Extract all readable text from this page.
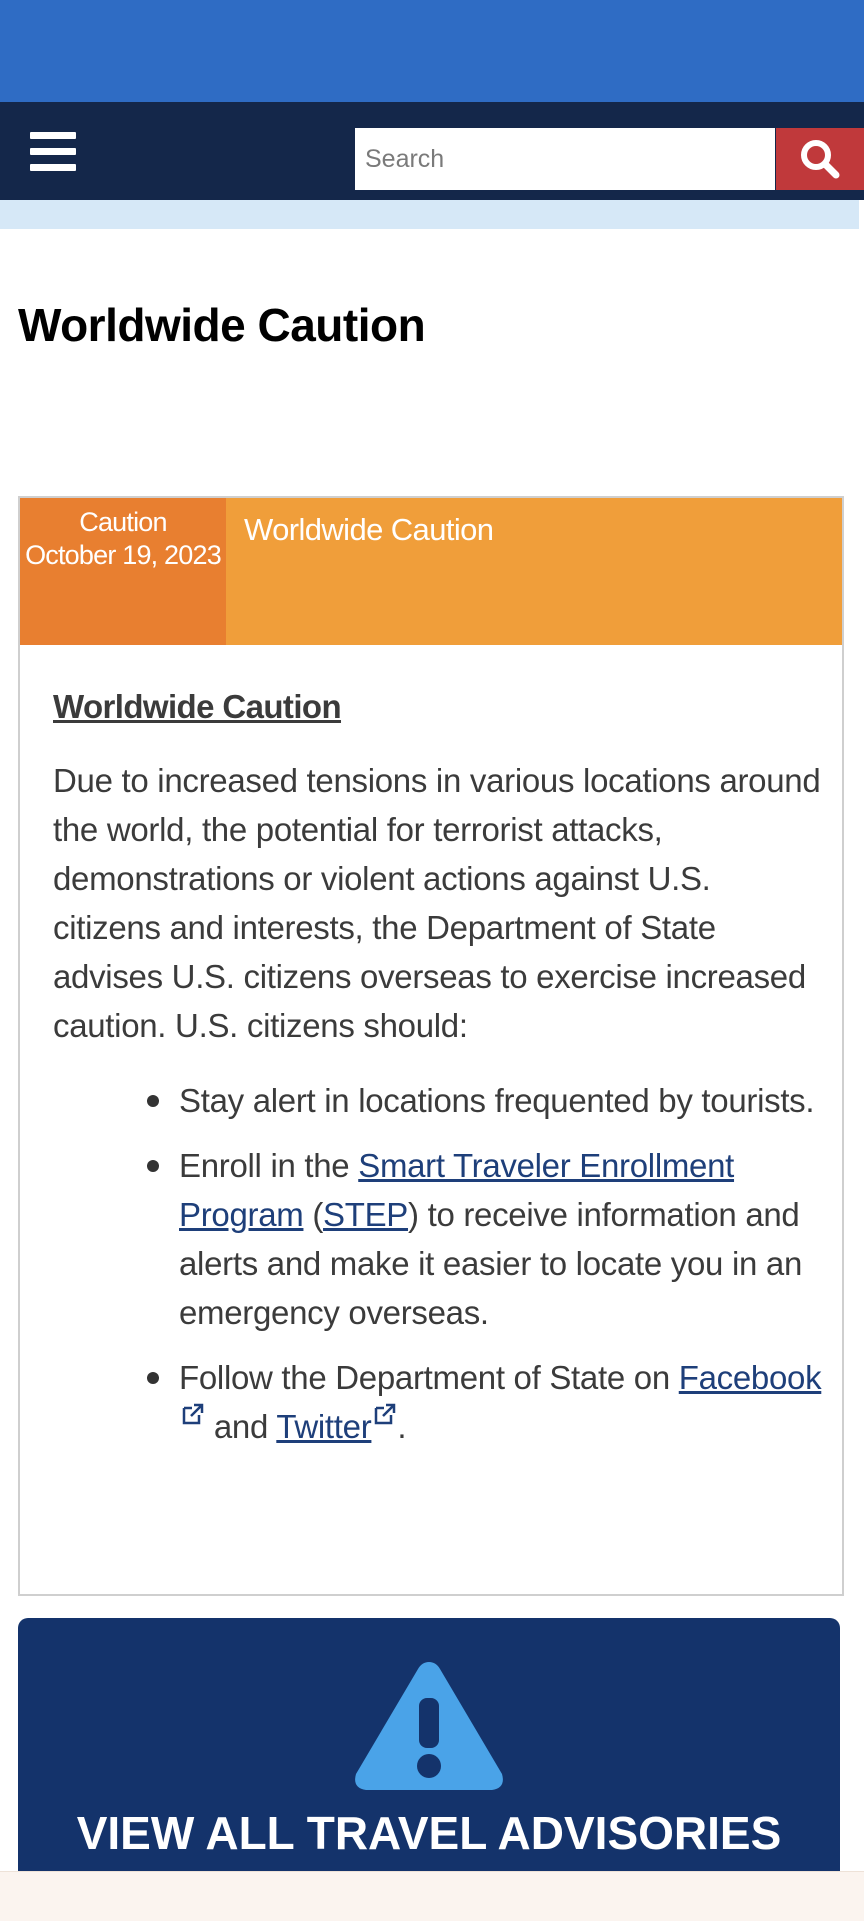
Search
Worldwide Caution
Caution
October 19, 2023
Worldwide Caution
Worldwide Caution

Due to increased tensions in various locations around the world, the potential for terrorist attacks, demonstrations or violent actions against U.S. citizens and interests, the Department of State advises U.S. citizens overseas to exercise increased caution. U.S. citizens should:

Stay alert in locations frequented by tourists.
Enroll in the Smart Traveler Enrollment Program (STEP) to receive information and alerts and make it easier to locate you in an emergency overseas.
Follow the Department of State on Facebook and Twitter .
VIEW ALL TRAVEL ADVISORIES
